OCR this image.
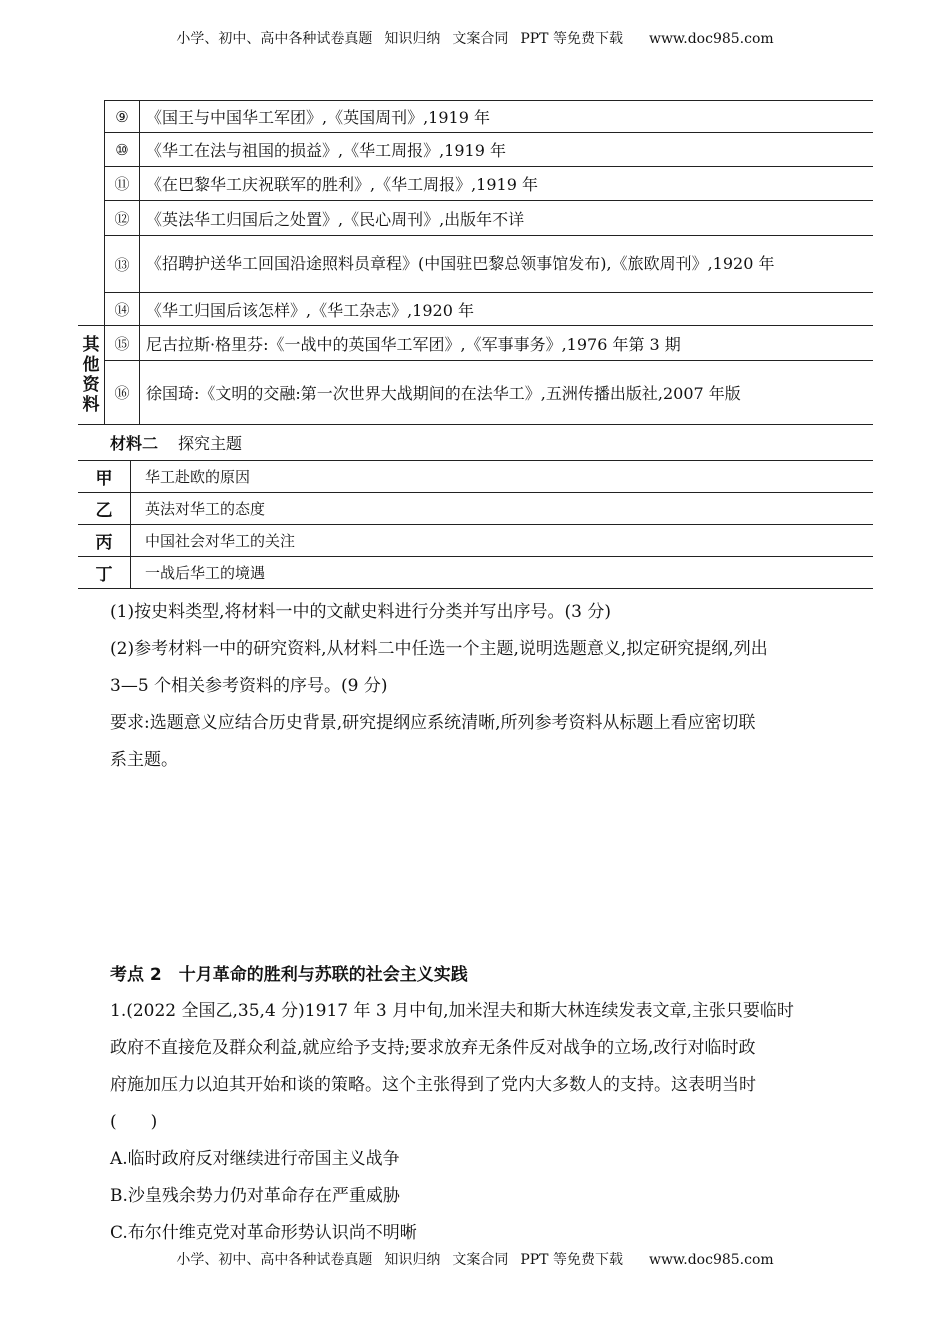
小学、初中、高中各种试卷真题 知识归纳 文案合同 PPT 等免费下载 www.doc985.com
	⑨	《国王与中国华工军团》,《英国周刊》,1919 年
	⑩	《华工在法与祖国的损益》,《华工周报》,1919 年
	⑪	《在巴黎华工庆祝联军的胜利》,《华工周报》,1919 年
	⑫	《英法华工归国后之处置》,《民心周刊》,出版年不详
	⑬	《招聘护送华工回国沿途照料员章程》(中国驻巴黎总领事馆发布),《旅欧周刊》,1920 年
	⑭	《华工归国后该怎样》,《华工杂志》,1920 年
其他资料	⑮	尼古拉斯·格里芬:《一战中的英国华工军团》,《军事事务》,1976 年第 3 期
	⑯	徐国琦:《文明的交融:第一次世界大战期间的在法华工》,五洲传播出版社,2007 年版
材料二 探究主题
甲	华工赴欧的原因
乙	英法对华工的态度
丙	中国社会对华工的关注
丁	一战后华工的境遇
(1)按史料类型,将材料一中的文献史料进行分类并写出序号。(3 分)
(2)参考材料一中的研究资料,从材料二中任选一个主题,说明选题意义,拟定研究提纲,列出
3—5 个相关参考资料的序号。(9 分)
要求:选题意义应结合历史背景,研究提纲应系统清晰,所列参考资料从标题上看应密切联
系主题。
考点 2　十月革命的胜利与苏联的社会主义实践
1.(2022 全国乙,35,4 分)1917 年 3 月中旬,加米涅夫和斯大林连续发表文章,主张只要临时
政府不直接危及群众利益,就应给予支持;要求放弃无条件反对战争的立场,改行对临时政
府施加压力以迫其开始和谈的策略。这个主张得到了党内大多数人的支持。这表明当时
(　　)
A.临时政府反对继续进行帝国主义战争
B.沙皇残余势力仍对革命存在严重威胁
C.布尔什维克党对革命形势认识尚不明晰
小学、初中、高中各种试卷真题 知识归纳 文案合同 PPT 等免费下载 www.doc985.com
